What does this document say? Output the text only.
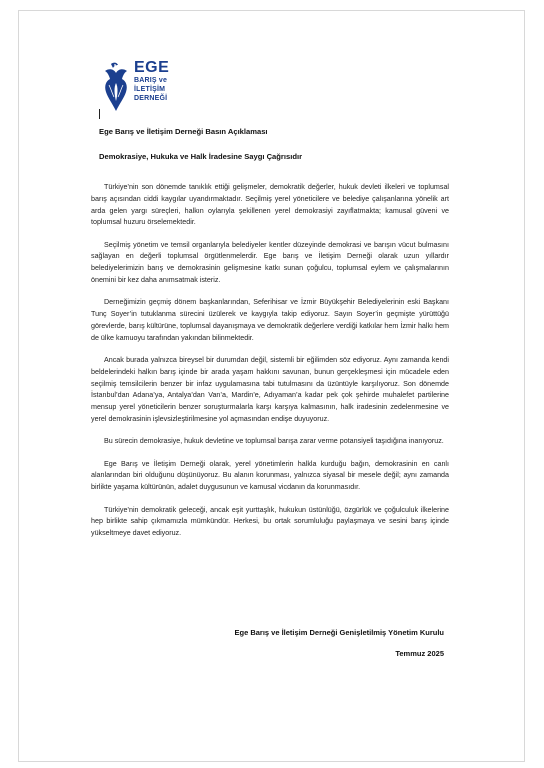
EGE
BARIŞ ve
İLETİŞİM
DERNEĞİ
Ege Barış ve İletişim Derneği Basın Açıklaması
Demokrasiye, Hukuka ve Halk İradesine Saygı Çağrısıdır

Türkiye’nin son dönemde tanıklık ettiği gelişmeler, demokratik değerler, hukuk devleti ilkeleri ve toplumsal barış açısından ciddi kaygılar uyandırmaktadır. Seçilmiş yerel yöneticilere ve belediye çalışanlarına yönelik art arda gelen yargı süreçleri, halkın oylarıyla şekillenen yerel demokrasiyi zayıflatmakta; kamusal güveni ve toplumsal huzuru örselemektedir.

Seçilmiş yönetim ve temsil organlarıyla belediyeler kentler düzeyinde demokrasi ve barışın vücut bulmasını sağlayan en değerli toplumsal örgütlenmelerdir. Ege barış ve İletişim Derneği olarak uzun yıllardır belediyelerimizin barış ve demokrasinin gelişmesine katkı sunan çoğulcu, toplumsal eylem ve çalışmalarının önemini bir kez daha anımsatmak isteriz.

Derneğimizin geçmiş dönem başkanlarından, Seferihisar ve İzmir Büyükşehir Belediyelerinin eski Başkanı Tunç Soyer’in tutuklanma sürecini üzülerek ve kaygıyla takip ediyoruz. Sayın Soyer’in geçmişte yürüttüğü görevlerde, barış kültürüne, toplumsal dayanışmaya ve demokratik değerlere verdiği katkılar hem İzmir halkı hem de ülke kamuoyu tarafından yakından bilinmektedir.

Ancak burada yalnızca bireysel bir durumdan değil, sistemli bir eğilimden söz ediyoruz. Aynı zamanda kendi beldelerindeki halkın barış içinde bir arada yaşam hakkını savunan, bunun gerçekleşmesi için mücadele eden seçilmiş temsilcilerin benzer bir infaz uygulamasına tabi tutulmasını da üzüntüyle karşılıyoruz. Son dönemde İstanbul’dan Adana’ya, Antalya’dan Van’a, Mardin’e, Adıyaman’a kadar pek çok şehirde muhalefet partilerine mensup yerel yöneticilerin benzer soruşturmalarla karşı karşıya kalmasının, halk iradesinin zedelenmesine ve yerel demokrasinin işlevsizleştirilmesine yol açmasından endişe duyuyoruz.

Bu sürecin demokrasiye, hukuk devletine ve toplumsal barışa zarar verme potansiyeli taşıdığına inanıyoruz.

Ege Barış ve İletişim Derneği olarak, yerel yönetimlerin halkla kurduğu bağın, demokrasinin en canlı alanlarından biri olduğunu düşünüyoruz. Bu alanın korunması, yalnızca siyasal bir mesele değil; aynı zamanda birlikte yaşama kültürünün, adalet duygusunun ve kamusal vicdanın da korunmasıdır.

Türkiye’nin demokratik geleceği, ancak eşit yurttaşlık, hukukun üstünlüğü, özgürlük ve çoğulculuk ilkelerine hep birlikte sahip çıkmamızla mümkündür. Herkesi, bu ortak sorumluluğu paylaşmaya ve sesini barış içinde yükseltmeye davet ediyoruz.

Ege Barış ve İletişim Derneği Genişletilmiş Yönetim Kurulu
Temmuz 2025
